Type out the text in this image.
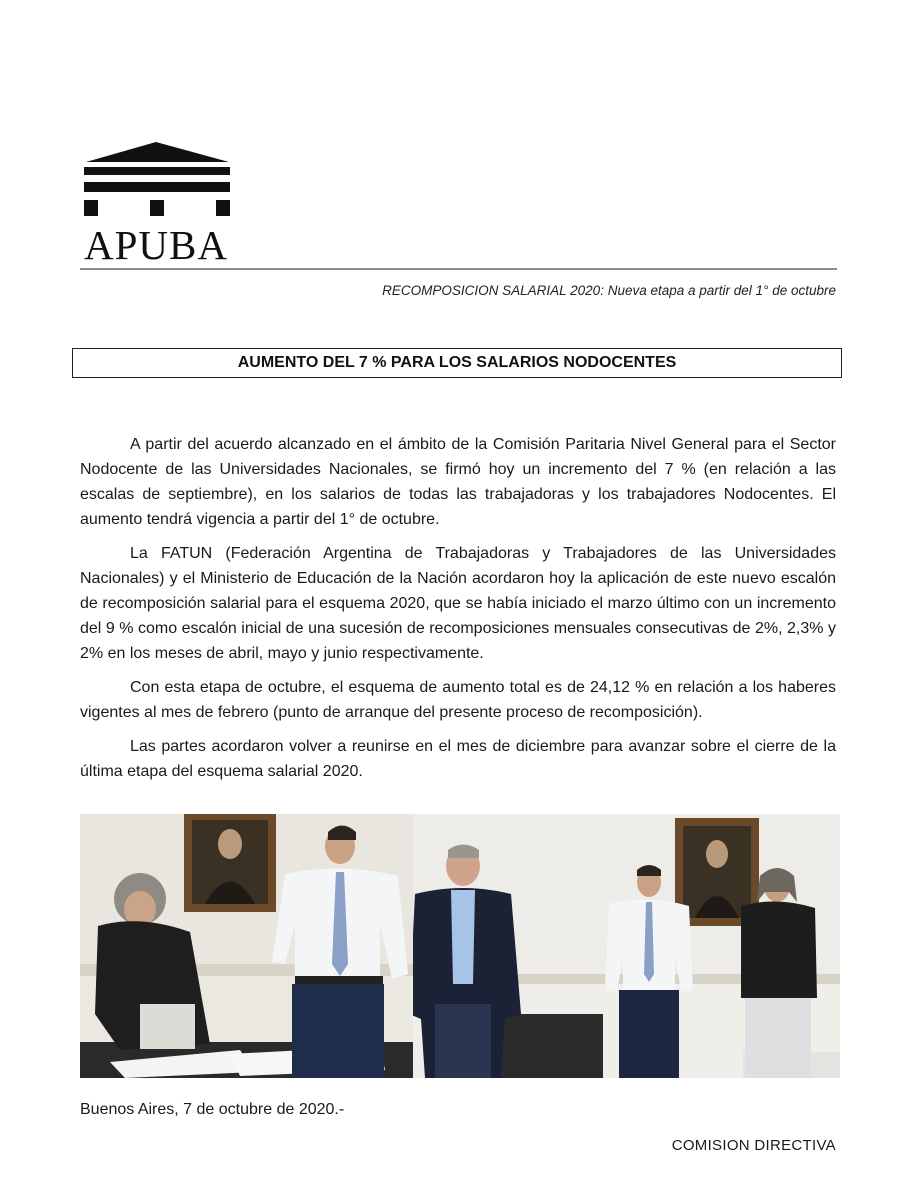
APUBA
RECOMPOSICION SALARIAL 2020: Nueva etapa a partir del 1° de octubre
AUMENTO DEL 7 % PARA LOS SALARIOS NODOCENTES

A partir del acuerdo alcanzado en el ámbito de la Comisión Paritaria Nivel General para el Sector Nodocente de las Universidades Nacionales, se firmó hoy un incremento del 7 % (en relación a las escalas de septiembre), en los salarios de todas las trabajadoras y los trabajadores Nodocentes. El aumento tendrá vigencia a partir del 1° de octubre.

La FATUN (Federación Argentina de Trabajadoras y Trabajadores de las Universidades Nacionales) y el Ministerio de Educación de la Nación acordaron hoy la aplicación de este nuevo escalón de recomposición salarial para el esquema 2020, que se había iniciado el marzo último con un incremento del 9 % como escalón inicial de una sucesión de recomposiciones mensuales consecutivas de 2%, 2,3% y 2% en los meses de abril, mayo y junio respectivamente.

Con esta etapa de octubre, el esquema de aumento total es de 24,12 % en relación a los haberes vigentes al mes de febrero (punto de arranque del presente proceso de recomposición).

Las partes acordaron volver a reunirse en el mes de diciembre para avanzar sobre el cierre de la última etapa del esquema salarial 2020.

Buenos Aires, 7 de octubre de 2020.-
COMISION DIRECTIVA
